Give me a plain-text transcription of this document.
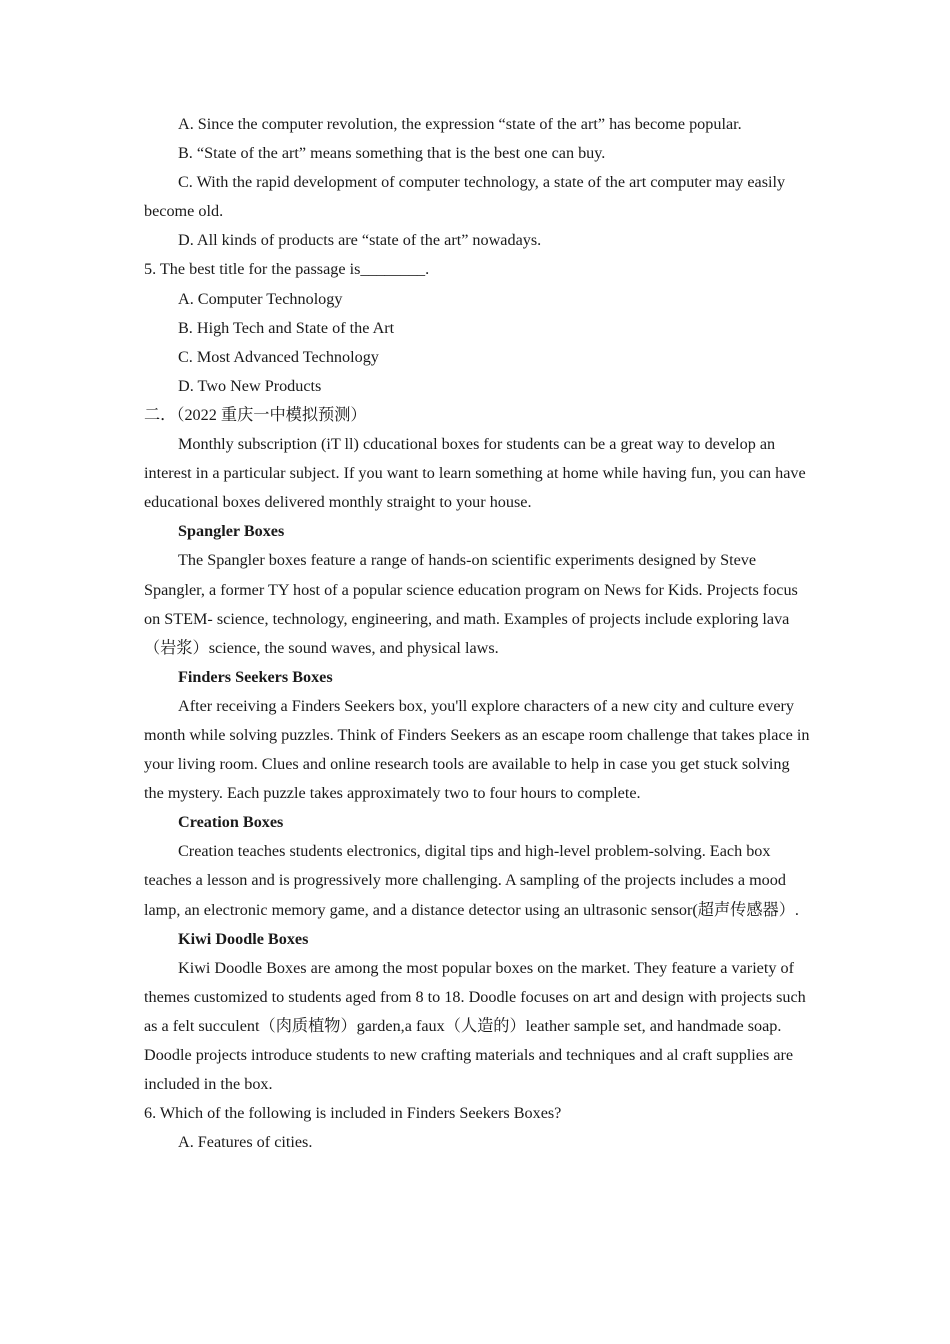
A. Since the computer revolution, the expression “state of the art” has become popular.

B. “State of the art” means something that is the best one can buy.

C. With the rapid development of computer technology, a state of the art computer may easily become old.

D. All kinds of products are “state of the art” nowadays.

5. The best title for the passage is________.

A. Computer Technology

B. High Tech and State of the Art

C. Most Advanced Technology

D. Two New Products

二．（2022 重庆一中模拟预测）

Monthly subscription (iT ll) cducational boxes for students can be a great way to develop an interest in a particular subject. If you want to learn something at home while having fun, you can have educational boxes delivered monthly straight to your house.

Spangler Boxes

The Spangler boxes feature a range of hands-on scientific experiments designed by Steve Spangler, a former TY host of a popular science education program on News for Kids. Projects focus on STEM- science, technology, engineering, and math. Examples of projects include exploring lava（岩浆）science, the sound waves, and physical laws.

Finders Seekers Boxes

After receiving a Finders Seekers box, you'll explore characters of a new city and culture every month while solving puzzles. Think of Finders Seekers as an escape room challenge that takes place in your living room. Clues and online research tools are available to help in case you get stuck solving the mystery. Each puzzle takes approximately two to four hours to complete.

Creation Boxes

Creation teaches students electronics, digital tips and high-level problem-solving. Each box teaches a lesson and is progressively more challenging. A sampling of the projects includes a mood lamp, an electronic memory game, and a distance detector using an ultrasonic sensor(超声传感器）.

Kiwi Doodle Boxes

Kiwi Doodle Boxes are among the most popular boxes on the market. They feature a variety of themes customized to students aged from 8 to 18. Doodle focuses on art and design with projects such as a felt succulent（肉质植物）garden,a faux（人造的）leather sample set, and handmade soap. Doodle projects introduce students to new crafting materials and techniques and al craft supplies are included in the box.

6. Which of the following is included in Finders Seekers Boxes?

A. Features of cities.
